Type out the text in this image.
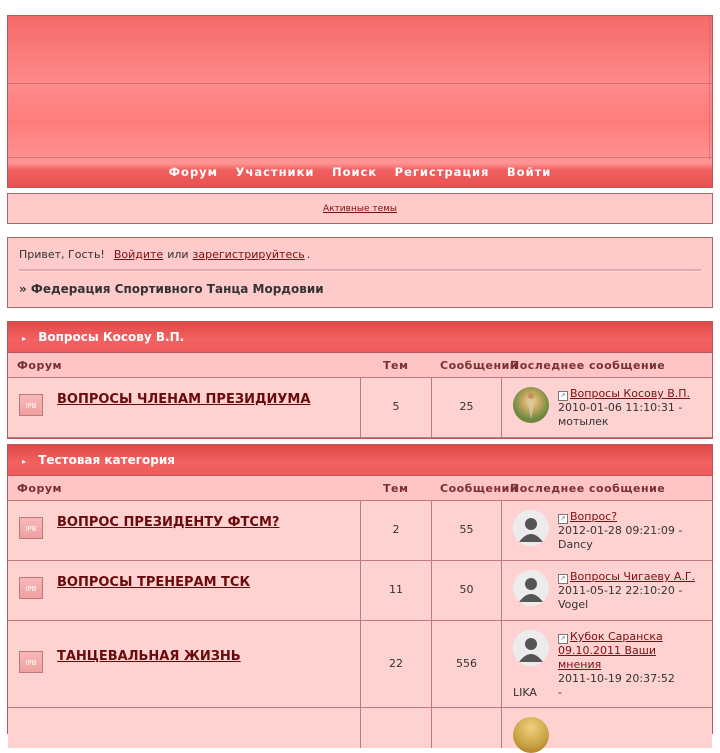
Форум Участники Поиск Регистрация Войти
Активные темы
Привет, Гость! Войдите или зарегистрируйтесь .
» Федерация Спортивного Танца Мордовии
▸ Вопросы Косову В.П.
Форум	Тем	Сообщений
Последнее сообщение
IPB	ВОПРОСЫ ЧЛЕНАМ ПРЕЗИДИУМА	5	25
↗ Вопросы Косову В.П.
2010-01-06 11:10:31 -
мотылек
▸ Тестовая категория
Форум	Тем	Сообщений
Последнее сообщение
IPB	ВОПРОС ПРЕЗИДЕНТУ ФТСМ?	2	55
↗ Вопрос?
2012-01-28 09:21:09 -
Dancy
IPB	ВОПРОСЫ ТРЕНЕРАМ ТСК	11	50
↗ Вопросы Чигаеву А.Г.
2011-05-12 22:10:20 -
Vogel
IPB	ТАНЦЕВАЛЬНАЯ ЖИЗНЬ	22	556
↗ Кубок Саранска 09.10.2011 Ваши мнения
2011-10-19 20:37:52 -
LIKA
